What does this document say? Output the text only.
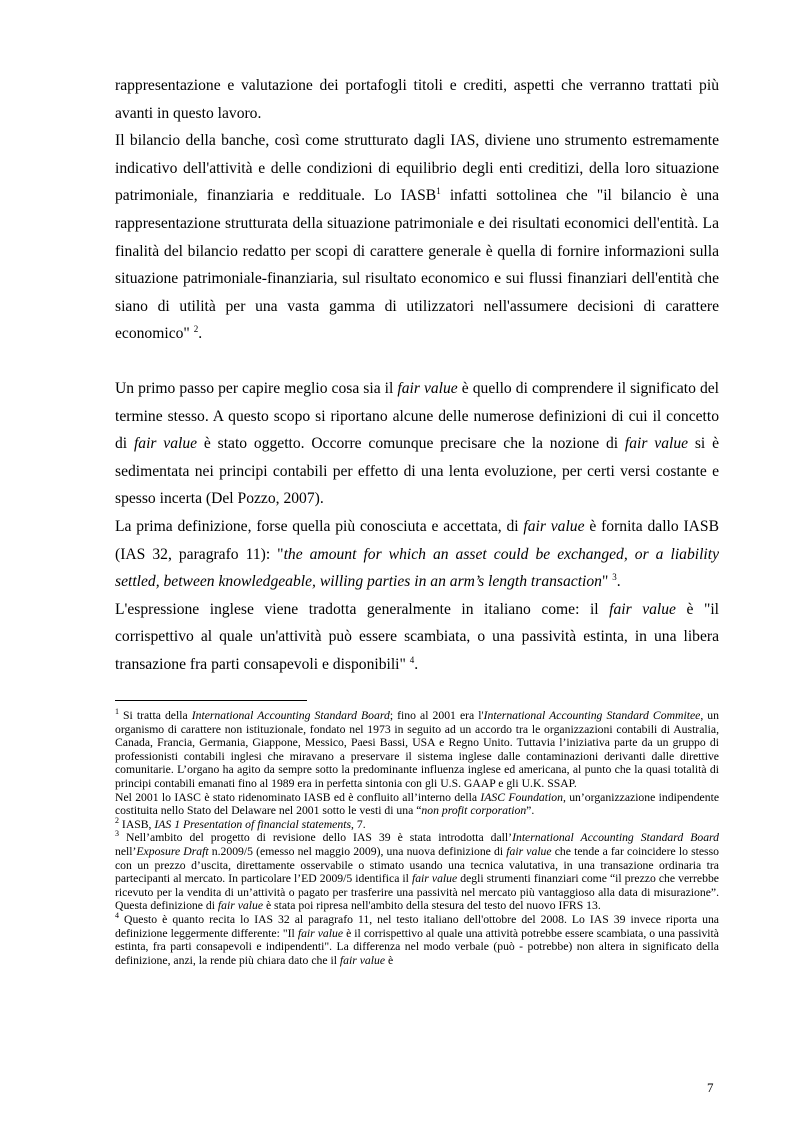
rappresentazione e valutazione dei portafogli titoli e crediti, aspetti che verranno trattati più avanti in questo lavoro.

Il bilancio della banche, così come strutturato dagli IAS, diviene uno strumento estremamente indicativo dell'attività e delle condizioni di equilibrio degli enti creditizi, della loro situazione patrimoniale, finanziaria e reddituale. Lo IASB$^1$ infatti sottolinea che "il bilancio è una rappresentazione strutturata della situazione patrimoniale e dei risultati economici dell'entità. La finalità del bilancio redatto per scopi di carattere generale è quella di fornire informazioni sulla situazione patrimoniale-finanziaria, sul risultato economico e sui flussi finanziari dell'entità che siano di utilità per una vasta gamma di utilizzatori nell'assumere decisioni di carattere economico" $^2$.

Un primo passo per capire meglio cosa sia il fair value è quello di comprendere il significato del termine stesso. A questo scopo si riportano alcune delle numerose definizioni di cui il concetto di fair value è stato oggetto. Occorre comunque precisare che la nozione di fair value si è sedimentata nei principi contabili per effetto di una lenta evoluzione, per certi versi costante e spesso incerta (Del Pozzo, 2007).

La prima definizione, forse quella più conosciuta e accettata, di fair value è fornita dallo IASB (IAS 32, paragrafo 11): "the amount for which an asset could be exchanged, or a liability settled, between knowledgeable, willing parties in an arm’s length transaction" $^3$.

L'espressione inglese viene tradotta generalmente in italiano come: il fair value è "il corrispettivo al quale un'attività può essere scambiata, o una passività estinta, in una libera transazione fra parti consapevoli e disponibili" $^4$.

$^1$ Si tratta della International Accounting Standard Board; fino al 2001 era l'International Accounting Standard Commitee, un organismo di carattere non istituzionale, fondato nel 1973 in seguito ad un accordo tra le organizzazioni contabili di Australia, Canada, Francia, Germania, Giappone, Messico, Paesi Bassi, USA e Regno Unito. Tuttavia l’iniziativa parte da un gruppo di professionisti contabili inglesi che miravano a preservare il sistema inglese dalle contaminazioni derivanti dalle direttive comunitarie. L’organo ha agito da sempre sotto la predominante influenza inglese ed americana, al punto che la quasi totalità di principi contabili emanati fino al 1989 era in perfetta sintonia con gli U.S. GAAP e gli U.K. SSAP.

Nel 2001 lo IASC è stato ridenominato IASB ed è confluito all’interno della IASC Foundation, un’organizzazione indipendente costituita nello Stato del Delaware nel 2001 sotto le vesti di una “non profit corporation”.

$^2$ IASB, IAS 1 Presentation of financial statements, 7.

$^3$ Nell’ambito del progetto di revisione dello IAS 39 è stata introdotta dall’International Accounting Standard Board nell’Exposure Draft n.2009/5 (emesso nel maggio 2009), una nuova definizione di fair value che tende a far coincidere lo stesso con un prezzo d’uscita, direttamente osservabile o stimato usando una tecnica valutativa, in una transazione ordinaria tra partecipanti al mercato. In particolare l’ED 2009/5 identifica il fair value degli strumenti finanziari come “il prezzo che verrebbe ricevuto per la vendita di un’attività o pagato per trasferire una passività nel mercato più vantaggioso alla data di misurazione”. Questa definizione di fair value è stata poi ripresa nell'ambito della stesura del testo del nuovo IFRS 13.

$^4$ Questo è quanto recita lo IAS 32 al paragrafo 11, nel testo italiano dell'ottobre del 2008. Lo IAS 39 invece riporta una definizione leggermente differente: "Il fair value è il corrispettivo al quale una attività potrebbe essere scambiata, o una passività estinta, fra parti consapevoli e indipendenti". La differenza nel modo verbale (può - potrebbe) non altera in significato della definizione, anzi, la rende più chiara dato che il fair value è

7
